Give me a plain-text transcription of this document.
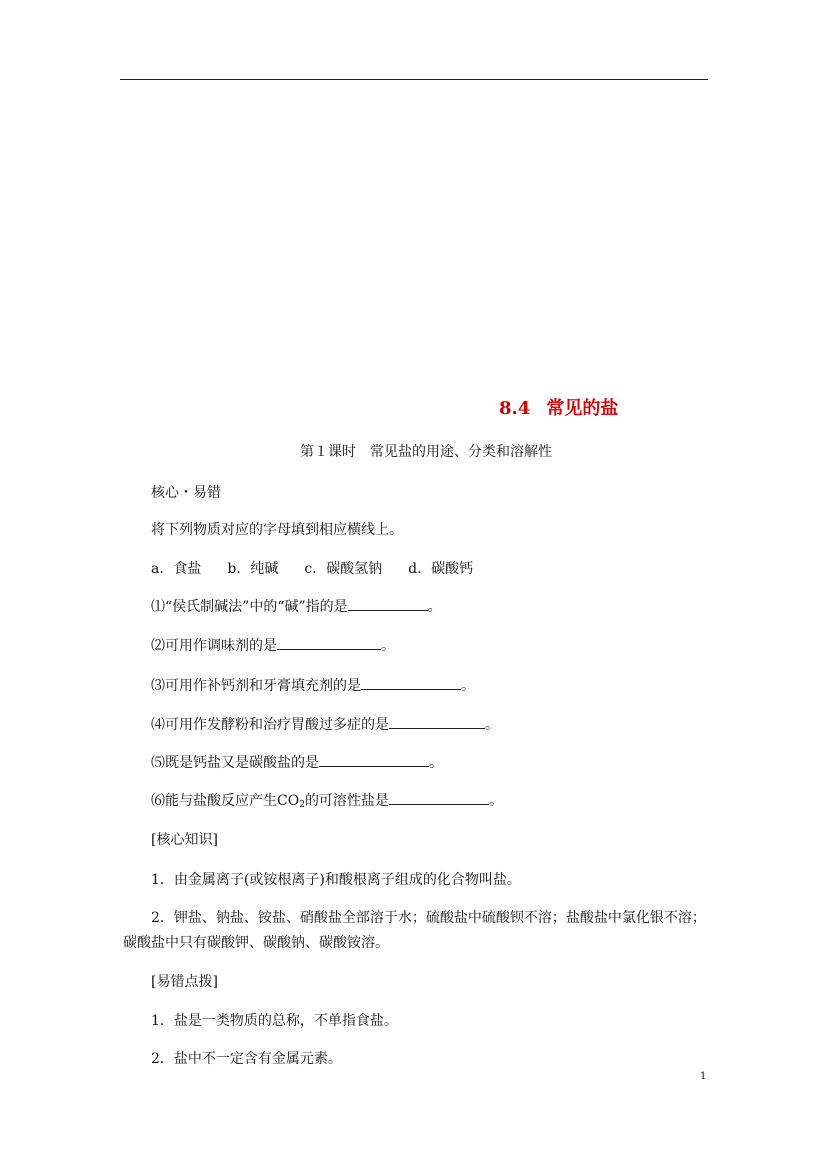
8.4 常见的盐
第１课时　常见盐的用途、分类和溶解性
核心・易错
将下列物质对应的字母填到相应横线上。
a．食盐 b．纯碱 c．碳酸氢钠 d．碳酸钙
⑴“侯氏制碱法”中的“碱”指的是	。
⑵可用作调味剂的是	。
⑶可用作补钙剂和牙膏填充剂的是	。
⑷可用作发酵粉和治疗胃酸过多症的是	。
⑸既是钙盐又是碳酸盐的是	。
⑹能与盐酸反应产生$CO_2$的可溶性盐是	。
[核心知识]
1．由金属离子(或铵根离子)和酸根离子组成的化合物叫盐。
2．钾盐、钠盐、铵盐、硝酸盐全部溶于水；硫酸盐中硫酸钡不溶；盐酸盐中氯化银不溶；碳酸盐中只有碳酸钾、碳酸钠、碳酸铵溶。
[易错点拨]
1．盐是一类物质的总称，不单指食盐。
2．盐中不一定含有金属元素。
1
